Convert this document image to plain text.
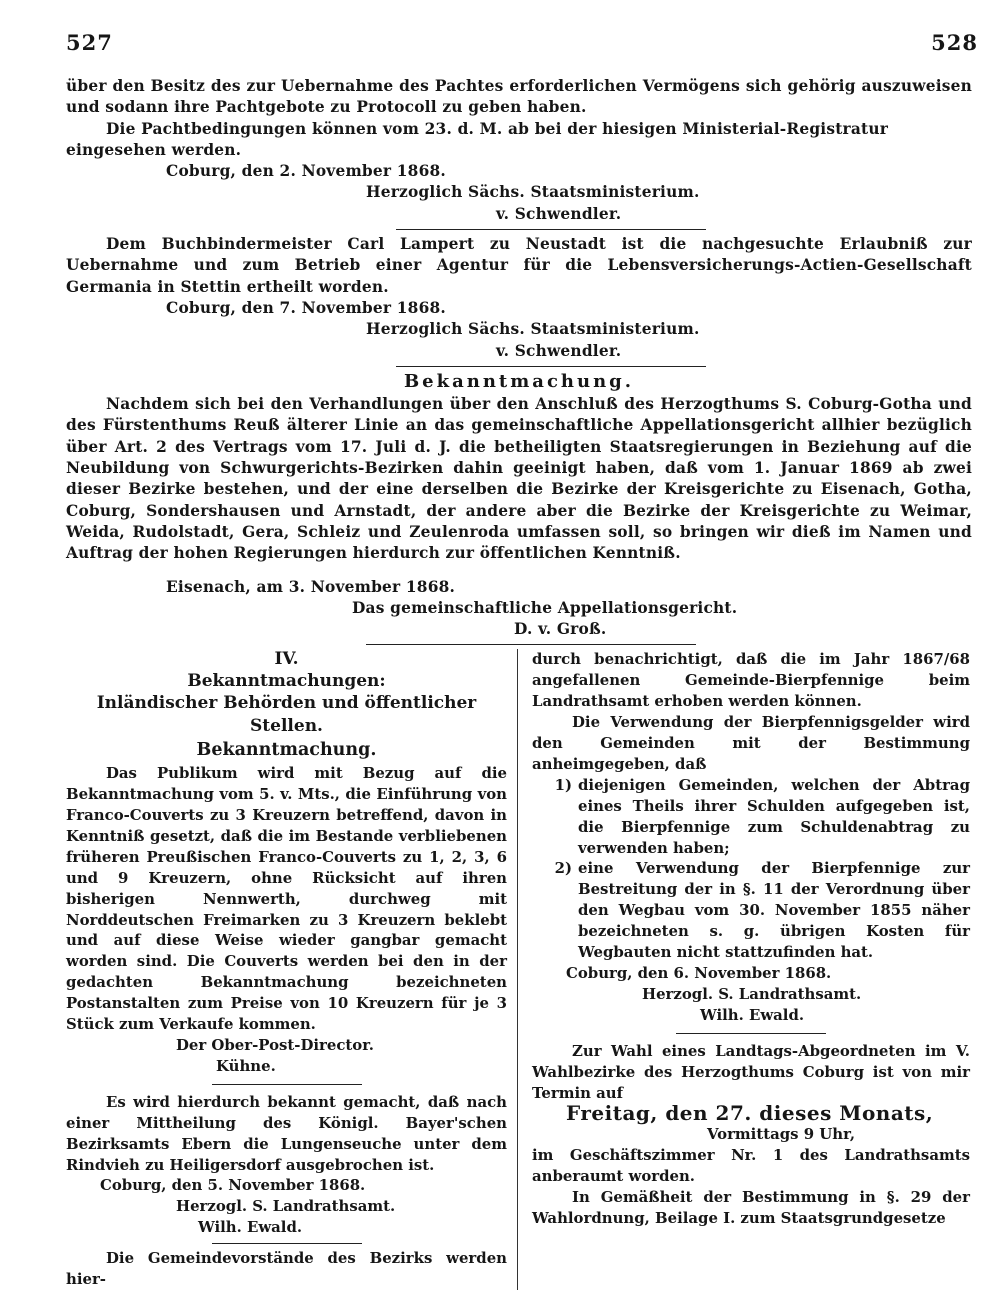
527	528

über den Besitz des zur Uebernahme des Pachtes erforderlichen Vermögens sich gehörig auszuweisen und sodann ihre Pachtgebote zu Protocoll zu geben haben.

Die Pachtbedingungen können vom 23. d. M. ab bei der hiesigen Ministerial-Registratur eingesehen werden.

Coburg, den 2. November 1868.

Herzoglich Sächs. Staatsministerium.

v. Schwendler.

Dem Buchbindermeister Carl Lampert zu Neustadt ist die nachgesuchte Erlaubniß zur Uebernahme und zum Betrieb einer Agentur für die Lebensversicherungs-Actien-Gesellschaft Germania in Stettin ertheilt worden.

Coburg, den 7. November 1868.

Herzoglich Sächs. Staatsministerium.

v. Schwendler.

Bekanntmachung.

Nachdem sich bei den Verhandlungen über den Anschluß des Herzogthums S. Coburg-Gotha und des Fürstenthums Reuß älterer Linie an das gemeinschaftliche Appellationsgericht allhier bezüglich über Art. 2 des Vertrags vom 17. Juli d. J. die betheiligten Staatsregierungen in Beziehung auf die Neubildung von Schwurgerichts-Bezirken dahin geeinigt haben, daß vom 1. Januar 1869 ab zwei dieser Bezirke bestehen, und der eine derselben die Bezirke der Kreisgerichte zu Eisenach, Gotha, Coburg, Sondershausen und Arnstadt, der andere aber die Bezirke der Kreisgerichte zu Weimar, Weida, Rudolstadt, Gera, Schleiz und Zeulenroda umfassen soll, so bringen wir dieß im Namen und Auftrag der hohen Regierungen hierdurch zur öffentlichen Kenntniß.

Eisenach, am 3. November 1868.

Das gemeinschaftliche Appellationsgericht.

D. v. Groß.

IV.
Bekanntmachungen:
Inländischer Behörden und öffentlicher Stellen.
Bekanntmachung.

Das Publikum wird mit Bezug auf die Bekanntmachung vom 5. v. Mts., die Einführung von Franco-Couverts zu 3 Kreuzern betreffend, davon in Kenntniß gesetzt, daß die im Bestande verbliebenen früheren Preußischen Franco-Couverts zu 1, 2, 3, 6 und 9 Kreuzern, ohne Rücksicht auf ihren bisherigen Nennwerth, durchweg mit Norddeutschen Freimarken zu 3 Kreuzern beklebt und auf diese Weise wieder gangbar gemacht worden sind. Die Couverts werden bei den in der gedachten Bekanntmachung bezeichneten Postanstalten zum Preise von 10 Kreuzern für je 3 Stück zum Verkaufe kommen.

Der Ober-Post-Director.

Kühne.

Es wird hierdurch bekannt gemacht, daß nach einer Mittheilung des Königl. Bayer'schen Bezirksamts Ebern die Lungenseuche unter dem Rindvieh zu Heiligersdorf ausgebrochen ist.

Coburg, den 5. November 1868.

Herzogl. S. Landrathsamt.

Wilh. Ewald.

Die Gemeindevorstände des Bezirks werden hier-

durch benachrichtigt, daß die im Jahr 1867/68 angefallenen Gemeinde-Bierpfennige beim Landrathsamt erhoben werden können.

Die Verwendung der Bierpfennigsgelder wird den Gemeinden mit der Bestimmung anheimgegeben, daß

1) diejenigen Gemeinden, welchen der Abtrag eines Theils ihrer Schulden aufgegeben ist, die Bierpfennige zum Schuldenabtrag zu verwenden haben;
2) eine Verwendung der Bierpfennige zur Bestreitung der in §. 11 der Verordnung über den Wegbau vom 30. November 1855 näher bezeichneten s. g. übrigen Kosten für Wegbauten nicht stattzufinden hat.

Coburg, den 6. November 1868.

Herzogl. S. Landrathsamt.

Wilh. Ewald.

Zur Wahl eines Landtags-Abgeordneten im V. Wahlbezirke des Herzogthums Coburg ist von mir Termin auf

Freitag, den 27. dieses Monats,

Vormittags 9 Uhr,

im Geschäftszimmer Nr. 1 des Landrathsamts anberaumt worden.

In Gemäßheit der Bestimmung in §. 29 der Wahlordnung, Beilage I. zum Staatsgrundgesetze
